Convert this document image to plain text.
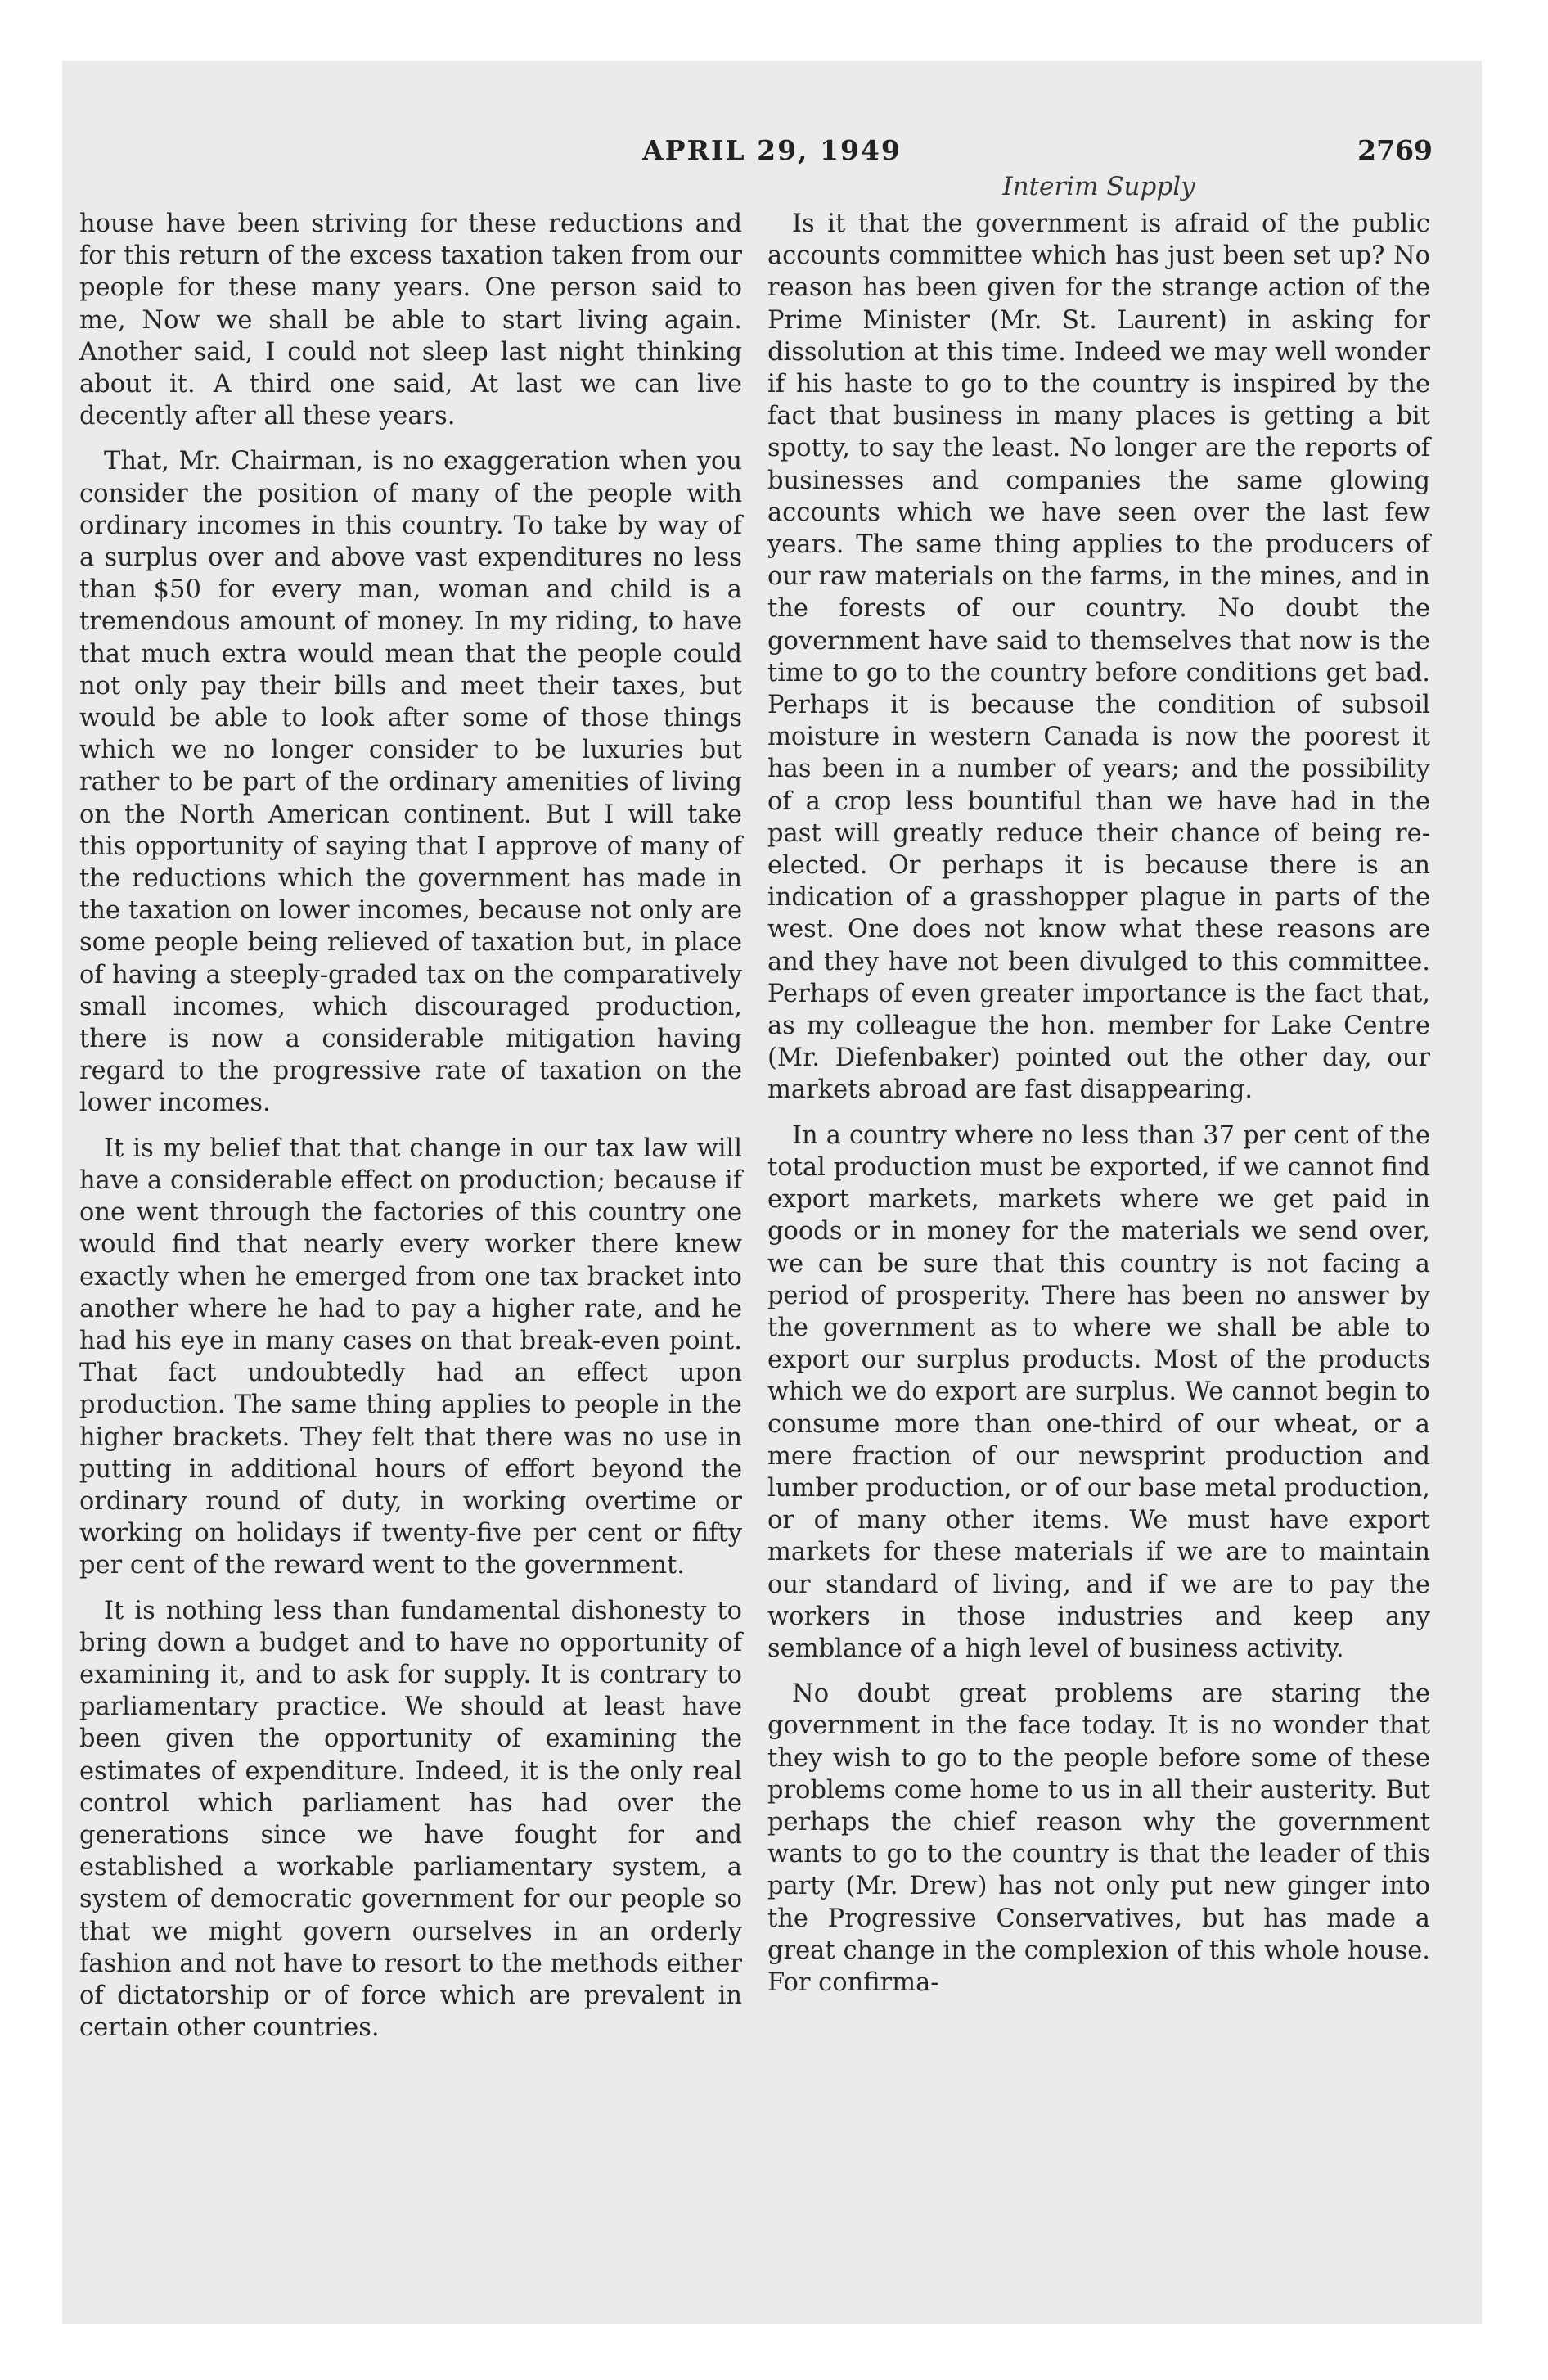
APRIL 29, 1949	2769

house have been striving for these reductions and for this return of the excess taxation taken from our people for these many years. One person said to me, Now we shall be able to start living again. Another said, I could not sleep last night thinking about it. A third one said, At last we can live decently after all these years.

That, Mr. Chairman, is no exaggeration when you consider the position of many of the people with ordinary incomes in this country. To take by way of a surplus over and above vast expenditures no less than $50 for every man, woman and child is a tremendous amount of money. In my riding, to have that much extra would mean that the people could not only pay their bills and meet their taxes, but would be able to look after some of those things which we no longer consider to be luxuries but rather to be part of the ordinary amenities of living on the North American continent. But I will take this opportunity of saying that I approve of many of the reductions which the government has made in the taxation on lower incomes, because not only are some people being relieved of taxation but, in place of having a steeply-graded tax on the comparatively small incomes, which discouraged production, there is now a considerable mitigation having regard to the progressive rate of taxation on the lower incomes.

It is my belief that that change in our tax law will have a considerable effect on production; because if one went through the factories of this country one would find that nearly every worker there knew exactly when he emerged from one tax bracket into another where he had to pay a higher rate, and he had his eye in many cases on that break-even point. That fact undoubtedly had an effect upon production. The same thing applies to people in the higher brackets. They felt that there was no use in putting in additional hours of effort beyond the ordinary round of duty, in working overtime or working on holidays if twenty-five per cent or fifty per cent of the reward went to the government.

It is nothing less than fundamental dishonesty to bring down a budget and to have no opportunity of examining it, and to ask for supply. It is contrary to parliamentary practice. We should at least have been given the opportunity of examining the estimates of expenditure. Indeed, it is the only real control which parliament has had over the generations since we have fought for and established a workable parliamentary system, a system of democratic government for our people so that we might govern ourselves in an orderly fashion and not have to resort to the methods either of dictatorship or of force which are prevalent in certain other countries.

Interim Supply

Is it that the government is afraid of the public accounts committee which has just been set up? No reason has been given for the strange action of the Prime Minister (Mr. St. Laurent) in asking for dissolution at this time. Indeed we may well wonder if his haste to go to the country is inspired by the fact that business in many places is getting a bit spotty, to say the least. No longer are the reports of businesses and companies the same glowing accounts which we have seen over the last few years. The same thing applies to the producers of our raw materials on the farms, in the mines, and in the forests of our country. No doubt the government have said to themselves that now is the time to go to the country before conditions get bad. Perhaps it is because the condition of subsoil moisture in western Canada is now the poorest it has been in a number of years; and the possibility of a crop less bountiful than we have had in the past will greatly reduce their chance of being re-elected. Or perhaps it is because there is an indication of a grasshopper plague in parts of the west. One does not know what these reasons are and they have not been divulged to this committee. Perhaps of even greater importance is the fact that, as my colleague the hon. member for Lake Centre (Mr. Diefenbaker) pointed out the other day, our markets abroad are fast disappearing.

In a country where no less than 37 per cent of the total production must be exported, if we cannot find export markets, markets where we get paid in goods or in money for the materials we send over, we can be sure that this country is not facing a period of prosperity. There has been no answer by the government as to where we shall be able to export our surplus products. Most of the products which we do export are surplus. We cannot begin to consume more than one-third of our wheat, or a mere fraction of our newsprint production and lumber production, or of our base metal production, or of many other items. We must have export markets for these materials if we are to maintain our standard of living, and if we are to pay the workers in those industries and keep any semblance of a high level of business activity.

No doubt great problems are staring the government in the face today. It is no wonder that they wish to go to the people before some of these problems come home to us in all their austerity. But perhaps the chief reason why the government wants to go to the country is that the leader of this party (Mr. Drew) has not only put new ginger into the Progressive Conservatives, but has made a great change in the complexion of this whole house. For confirma-
